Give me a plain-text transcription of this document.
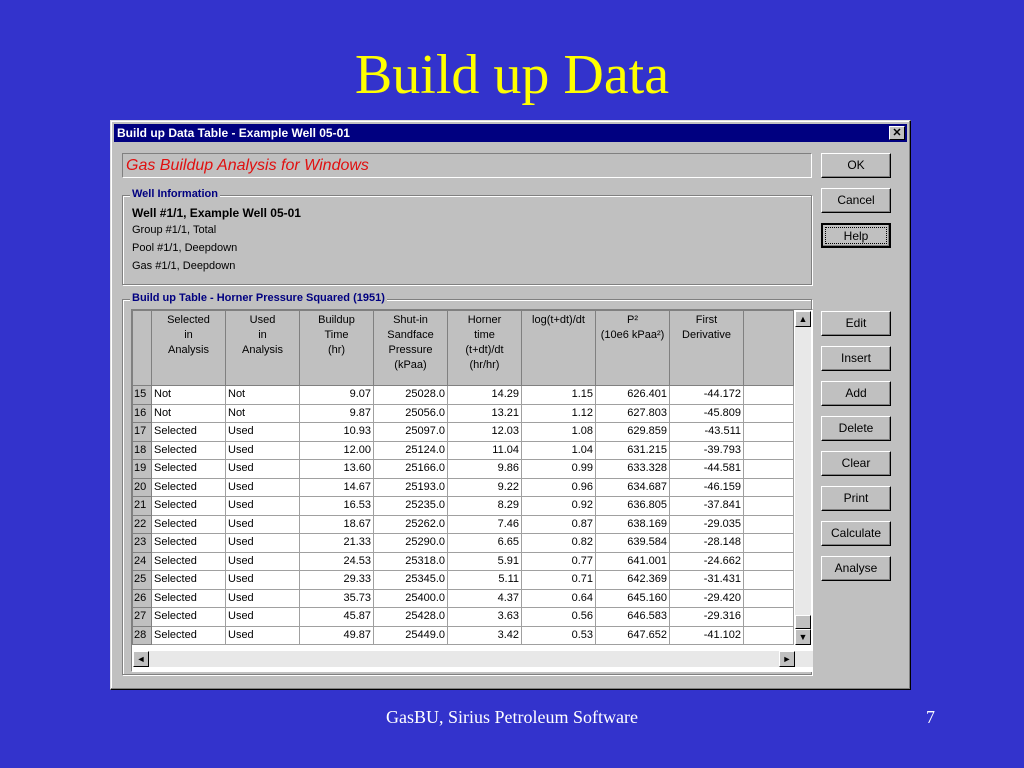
Build up Data
Build up Data Table - Example Well 05-01	✕
Gas Buildup Analysis for Windows
Well Information
Well #1/1, Example Well 05-01
Group #1/1, Total
Pool #1/1, Deepdown
Gas #1/1, Deepdown
Build up Table - Horner Pressure Squared (1951)
	Selected
in
Analysis	Used
in
Analysis	Buildup
Time
(hr)	Shut-in
Sandface
Pressure
(kPaa)	Horner
time
(t+dt)/dt
(hr/hr)	log(t+dt)/dt	P²
(10e6 kPaa²)	First
Derivative	
15	Not	Not	9.07	25028.0	14.29	1.15	626.401	-44.172	
16	Not	Not	9.87	25056.0	13.21	1.12	627.803	-45.809	
17	Selected	Used	10.93	25097.0	12.03	1.08	629.859	-43.511	
18	Selected	Used	12.00	25124.0	11.04	1.04	631.215	-39.793	
19	Selected	Used	13.60	25166.0	9.86	0.99	633.328	-44.581	
20	Selected	Used	14.67	25193.0	9.22	0.96	634.687	-46.159	
21	Selected	Used	16.53	25235.0	8.29	0.92	636.805	-37.841	
22	Selected	Used	18.67	25262.0	7.46	0.87	638.169	-29.035	
23	Selected	Used	21.33	25290.0	6.65	0.82	639.584	-28.148	
24	Selected	Used	24.53	25318.0	5.91	0.77	641.001	-24.662	
25	Selected	Used	29.33	25345.0	5.11	0.71	642.369	-31.431	
26	Selected	Used	35.73	25400.0	4.37	0.64	645.160	-29.420	
27	Selected	Used	45.87	25428.0	3.63	0.56	646.583	-29.316	
28	Selected	Used	49.87	25449.0	3.42	0.53	647.652	-41.102	
▲
▼
◄	►
OK
Cancel
Help
Edit
Insert
Add
Delete
Clear
Print
Calculate
Analyse
GasBU, Sirius Petroleum Software	7
